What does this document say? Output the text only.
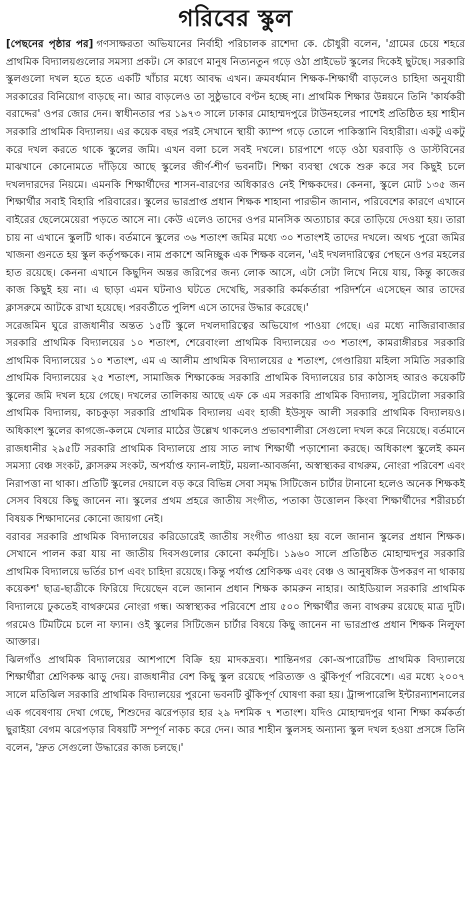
গরিবের স্কুল

[পেছনের পৃষ্ঠার পর] গণসাক্ষরতা অভিযানের নির্বাহী পরিচালক রাশেদা কে. চৌধুরী বলেন, 'গ্রামের চেয়ে শহরে প্রাথমিক বিদ্যালয়গুলোর সমস্যা প্রকট। সে কারণে মানুষ নিত্যনতুন গড়ে ওঠা প্রাইভেট স্কুলের দিকেই ছুটছে। সরকারি স্কুলগুলো দখল হতে হতে একটি খাঁচার মধ্যে আবদ্ধ এখন। ক্রমবর্ধমান শিক্ষক-শিক্ষার্থী বাড়লেও চাহিদা অনুযায়ী সরকারের বিনিয়োগ বাড়ছে না। আর বাড়লেও তা সুষ্ঠুভাবে বণ্টন হচ্ছে না। প্রাথমিক শিক্ষার উন্নয়নে তিনি 'কার্যকরী বরাদ্দের' ওপর জোর দেন। স্বাধীনতার পর ১৯৭৩ সালে ঢাকার মোহাম্মদপুরে টাউনহলের পাশেই প্রতিষ্ঠিত হয় শাহীন সরকারি প্রাথমিক বিদ্যালয়। এর কয়েক বছর পরই সেখানে স্থায়ী ক্যাম্প গড়ে তোলে পাকিস্তানি বিহারীরা। একটু একটু করে দখল করতে থাকে স্কুলের জমি। এখন বলা চলে সবই দখলে। চারপাশে গড়ে ওঠা ঘরবাড়ি ও ডাস্টবিনের মাঝখানে কোনোমতে দাঁড়িয়ে আছে স্কুলের জীর্ণ-শীর্ণ ভবনটি। শিক্ষা ব্যবস্থা থেকে শুরু করে সব কিছুই চলে দখলদারদের নিয়মে। এমনকি শিক্ষার্থীদের শাসন-বারণের অধিকারও নেই শিক্ষকদের। কেননা, স্কুলে মোট ১৩৫ জন শিক্ষার্থীর সবাই বিহারি পরিবারের। স্কুলের ভারপ্রাপ্ত প্রধান শিক্ষক শাহানা পারভীন জানান, পরিবেশের কারণে এখানে বাইরের ছেলেমেয়েরা পড়তে আসে না। কেউ এলেও তাদের ওপর মানসিক অত্যাচার করে তাড়িয়ে দেওয়া হয়। তারা চায় না এখানে স্কুলটি থাক। বর্তমানে স্কুলের ৩৬ শতাংশ জমির মধ্যে ৩০ শতাংশই তাদের দখলে। অথচ পুরো জমির খাজনা গুনতে হয় স্কুল কর্তৃপক্ষকে। নাম প্রকাশে অনিচ্ছুক এক শিক্ষক বলেন, 'এই দখলদারিত্বের পেছনে ওপর মহলের হাত রয়েছে। কেননা এখানে কিছুদিন অন্তর জরিপের জন্য লোক আসে, এটা সেটা লিখে নিয়ে যায়, কিন্তু কাজের কাজ কিছুই হয় না। এ ছাড়া এমন ঘটনাও ঘটতে দেখেছি, সরকারি কর্মকর্তারা পরিদর্শনে এসেছেন আর তাদের ক্লাসরুমে আটকে রাখা হয়েছে। পরবর্তীতে পুলিশ এসে তাদের উদ্ধার করেছে।'

সরেজমিন ঘুরে রাজধানীর অন্তত ১৫টি স্কুলে দখলদারিত্বের অভিযোগ পাওয়া গেছে। এর মধ্যে নাজিরাবাজার সরকারি প্রাথমিক বিদ্যালয়ের ১০ শতাংশ, শেরেবাংলা প্রাথমিক বিদ্যালয়ের ৩৩ শতাংশ, কামরাঙ্গীরচর সরকারি প্রাথমিক বিদ্যালয়ের ১০ শতাংশ, এম এ আলীম প্রাথমিক বিদ্যালয়ের ৫ শতাংশ, গেণ্ডারিয়া মহিলা সমিতি সরকারি প্রাথমিক বিদ্যালয়ের ২৫ শতাংশ, সামাজিক শিক্ষাকেন্দ্র সরকারি প্রাথমিক বিদ্যালয়ের চার কাঠাসহ আরও কয়েকটি স্কুলের জমি দখল হয়ে গেছে। দখলের তালিকায় আছে এফ কে এম সরকারি প্রাথমিক বিদ্যালয়, সুরিটোলা সরকারি প্রাথমিক বিদ্যালয়, কাচকুড়া সরকারি প্রাথমিক বিদ্যালয় এবং হাজী ইউসুফ আলী সরকারি প্রাথমিক বিদ্যালয়ও। অধিকাংশ স্কুলের কাগজে-কলমে খেলার মাঠের উল্লেখ থাকলেও প্রভাবশালীরা সেগুলো দখল করে নিয়েছে। বর্তমানে রাজধানীর ২৯৫টি সরকারি প্রাথমিক বিদ্যালয়ে প্রায় সাত লাখ শিক্ষার্থী পড়াশোনা করছে। অধিকাংশ স্কুলেই কমন সমস্যা বেঞ্চ সংকট, ক্লাসরুম সংকট, অপর্যাপ্ত ফ্যান-লাইট, ময়লা-আবর্জনা, অস্বাস্থ্যকর বাথরুম, নোংরা পরিবেশ এবং নিরাপত্তা না থাকা। প্রতিটি স্কুলের দেয়ালে বড় করে বিভিন্ন সেবা সমৃদ্ধ সিটিজেন চার্টার টানানো হলেও অনেক শিক্ষকই সেসব বিষয়ে কিছু জানেন না। স্কুলের প্রথম প্রহরে জাতীয় সংগীত, পতাকা উত্তোলন কিংবা শিক্ষার্থীদের শরীরচর্চা বিষয়ক শিক্ষাদানের কোনো জায়গা নেই।

বরাবর সরকারি প্রাথমিক বিদ্যালয়ের করিডোরেই জাতীয় সংগীত গাওয়া হয় বলে জানান স্কুলের প্রধান শিক্ষক। সেখানে পালন করা যায় না জাতীয় দিবসগুলোর কোনো কর্মসূচি। ১৯৬০ সালে প্রতিষ্ঠিত মোহাম্মদপুর সরকারি প্রাথমিক বিদ্যালয়ে ভর্তির চাপ এবং চাহিদা রয়েছে। কিন্তু পর্যাপ্ত শ্রেণিকক্ষ এবং বেঞ্চ ও আনুষঙ্গিক উপকরণ না থাকায় কয়েকশ' ছাত্র-ছাত্রীকে ফিরিয়ে দিয়েছেন বলে জানান প্রধান শিক্ষক কামরুন নাহার। আইডিয়াল সরকারি প্রাথমিক বিদ্যালয়ে ঢুকতেই বাথরুমের নোংরা গন্ধ। অস্বাস্থ্যকর পরিবেশে প্রায় ৫০০ শিক্ষার্থীর জন্য বাথরুম রয়েছে মাত্র দুটি। গরমেও টিমটিমে চলে না ফ্যান। ওই স্কুলের সিটিজেন চার্টার বিষয়ে কিছু জানেন না ভারপ্রাপ্ত প্রধান শিক্ষক নিলুফা আক্তার।

ঝিলগাঁও প্রাথমিক বিদ্যালয়ের আশপাশে বিক্রি হয় মাদকদ্রব্য। শান্তিনগর কো-অপারেটিভ প্রাথমিক বিদ্যালয়ে শিক্ষার্থীরা শ্রেণিকক্ষ ঝাড়ু দেয়। রাজধানীর বেশ কিছু স্কুল রয়েছে পরিত্যক্ত ও ঝুঁকিপূর্ণ পরিবেশে। এর মধ্যে ২০০৭ সালে মতিঝিল সরকারি প্রাথমিক বিদ্যালয়ের পুরনো ভবনটি ঝুঁকিপূর্ণ ঘোষণা করা হয়। ট্রান্সপারেন্সি ইন্টারন্যাশনালের এক গবেষণায় দেখা গেছে, শিশুদের ঝরেপড়ার হার ২৯ দশমিক ৭ শতাংশ। যদিও মোহাম্মদপুর থানা শিক্ষা কর্মকর্তা ছুরাইয়া বেগম ঝরেপড়ার বিষয়টি সম্পূর্ণ নাকচ করে দেন। আর শাহীন স্কুলসহ অন্যান্য স্কুল দখল হওয়া প্রসঙ্গে তিনি বলেন, 'দ্রুত সেগুলো উদ্ধারের কাজ চলছে।'
